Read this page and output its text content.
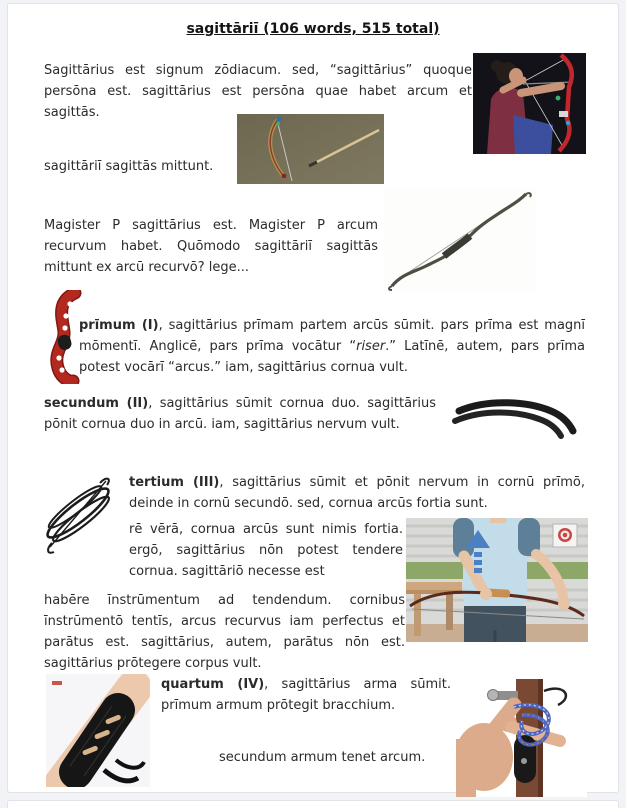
sagittāriī (106 words, 515 total)

Sagittārius est signum zōdiacum. sed, “sagittārius” quoque persōna est. sagittārius est persōna quae habet arcum et sagittās.

sagittāriī sagittās mittunt.

Magister P sagittārius est. Magister P arcum recurvum habet. Quōmodo sagittāriī sagittās mittunt ex arcū recurvō? lege...

prīmum (I), sagittārius prīmam partem arcūs sūmit. pars prīma est magnī mōmentī. Anglicē, pars prīma vocātur “riser.” Latīnē, autem, pars prīma potest vocārī “arcus.” iam, sagittārius cornua vult.

secundum (II), sagittārius sūmit cornua duo. sagittārius pōnit cornua duo in arcū. iam, sagittārius nervum vult.

tertium (III), sagittārius sūmit et pōnit nervum in cornū prīmō, deinde in cornū secundō. sed, cornua arcūs fortia sunt.

rē vērā, cornua arcūs sunt nimis fortia. ergō, sagittārius nōn potest tendere cornua. sagittāriō necesse est

habēre īnstrūmentum ad tendendum. cornibus īnstrūmentō tentīs, arcus recurvus iam perfectus et parātus est. sagittārius, autem, parātus nōn est. sagittārius prōtegere corpus vult.

quartum (IV), sagittārius arma sūmit. prīmum armum prōtegit bracchium.

secundum armum tenet arcum.
